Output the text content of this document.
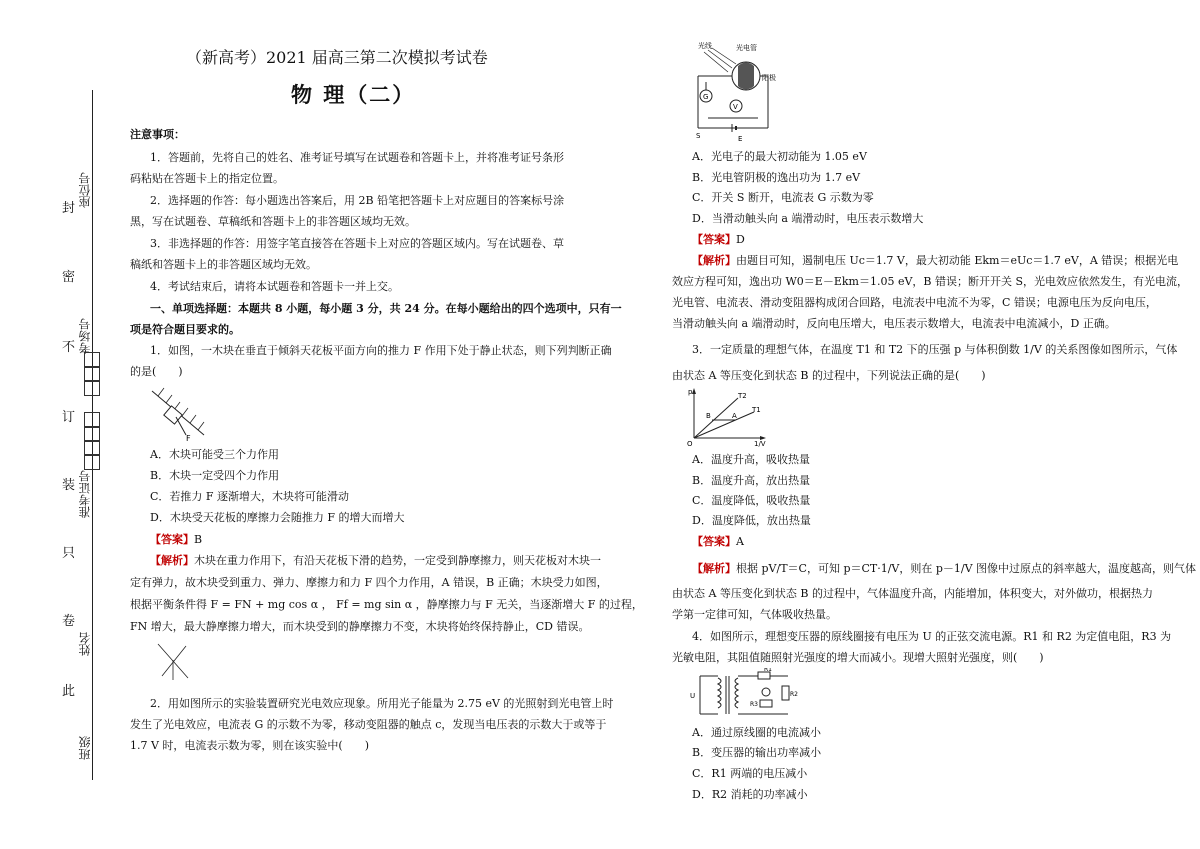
封
密
不
订
装
只
卷
此
座位号
考场号
准考证号
姓名
班级
（新高考）2021 届高三第二次模拟考试卷
物 理（二）
注意事项：
1．答题前，先将自己的姓名、准考证号填写在试题卷和答题卡上，并将准考证号条形
码粘贴在答题卡上的指定位置。
2．选择题的作答：每小题选出答案后，用 2B 铅笔把答题卡上对应题目的答案标号涂
黑，写在试题卷、草稿纸和答题卡上的非答题区域均无效。
3．非选择题的作答：用签字笔直接答在答题卡上对应的答题区域内。写在试题卷、草
稿纸和答题卡上的非答题区域均无效。
4．考试结束后，请将本试题卷和答题卡一并上交。
一、单项选择题：本题共 8 小题，每小题 3 分，共 24 分。在每小题给出的四个选项中，只有一
项是符合题目要求的。
1．如图，一木块在垂直于倾斜天花板平面方向的推力 F 作用下处于静止状态，则下列判断正确
的是(　　)
F
A．木块可能受三个力作用
B．木块一定受四个力作用
C．若推力 F 逐渐增大，木块将可能滑动
D．木块受天花板的摩擦力会随推力 F 的增大而增大
【答案】B
【解析】木块在重力作用下，有沿天花板下滑的趋势，一定受到静摩擦力，则天花板对木块一
定有弹力，故木块受到重力、弹力、摩擦力和力 F 四个力作用，A 错误，B 正确；木块受力如图，
根据平衡条件得 F = FN + mg cos α ， Ff = mg sin α ，静摩擦力与 F 无关，当逐渐增大 F 的过程，
FN 增大，最大静摩擦力增大，而木块受到的静摩擦力不变，木块将始终保持静止，CD 错误。
2．用如图所示的实验装置研究光电效应现象。所用光子能量为 2.75 eV 的光照射到光电管上时
发生了光电效应，电流表 G 的示数不为零，移动变阻器的触点 c，发现当电压表的示数大于或等于
1.7 V 时，电流表示数为零，则在该实验中(　　)
光线	光电管
阳极
G
V
S	E
A．光电子的最大初动能为 1.05 eV
B．光电管阴极的逸出功为 1.7 eV
C．开关 S 断开，电流表 G 示数为零
D．当滑动触头向 a 端滑动时，电压表示数增大
【答案】D
【解析】由题目可知，遏制电压 Uc＝1.7 V，最大初动能 Ekm＝eUc＝1.7 eV，A 错误；根据光电
效应方程可知，逸出功 W0＝E－Ekm＝1.05 eV，B 错误；断开开关 S，光电效应依然发生，有光电流，
光电管、电流表、滑动变阻器构成闭合回路，电流表中电流不为零，C 错误；电源电压为反向电压，
当滑动触头向 a 端滑动时，反向电压增大，电压表示数增大，电流表中电流减小，D 正确。
3．一定质量的理想气体，在温度 T1 和 T2 下的压强 p 与体积倒数 1/V 的关系图像如图所示，气体
由状态 A 等压变化到状态 B 的过程中，下列说法正确的是(　　)
p	T2
T1
B	A
O	1/V
A．温度升高，吸收热量
B．温度升高，放出热量
C．温度降低，吸收热量
D．温度降低，放出热量
【答案】A
【解析】根据 pV/T＝C，可知 p＝CT·1/V，则在 p－1/V 图像中过原点的斜率越大，温度越高，则气体
由状态 A 等压变化到状态 B 的过程中，气体温度升高，内能增加，体积变大，对外做功，根据热力
学第一定律可知，气体吸收热量。
4．如图所示，理想变压器的原线圈接有电压为 U 的正弦交流电源。R1 和 R2 为定值电阻，R3 为
光敏电阻，其阻值随照射光强度的增大而减小。现增大照射光强度，则(　　)
U
R1
R2
R3
A．通过原线圈的电流减小
B．变压器的输出功率减小
C．R1 两端的电压减小
D．R2 消耗的功率减小
